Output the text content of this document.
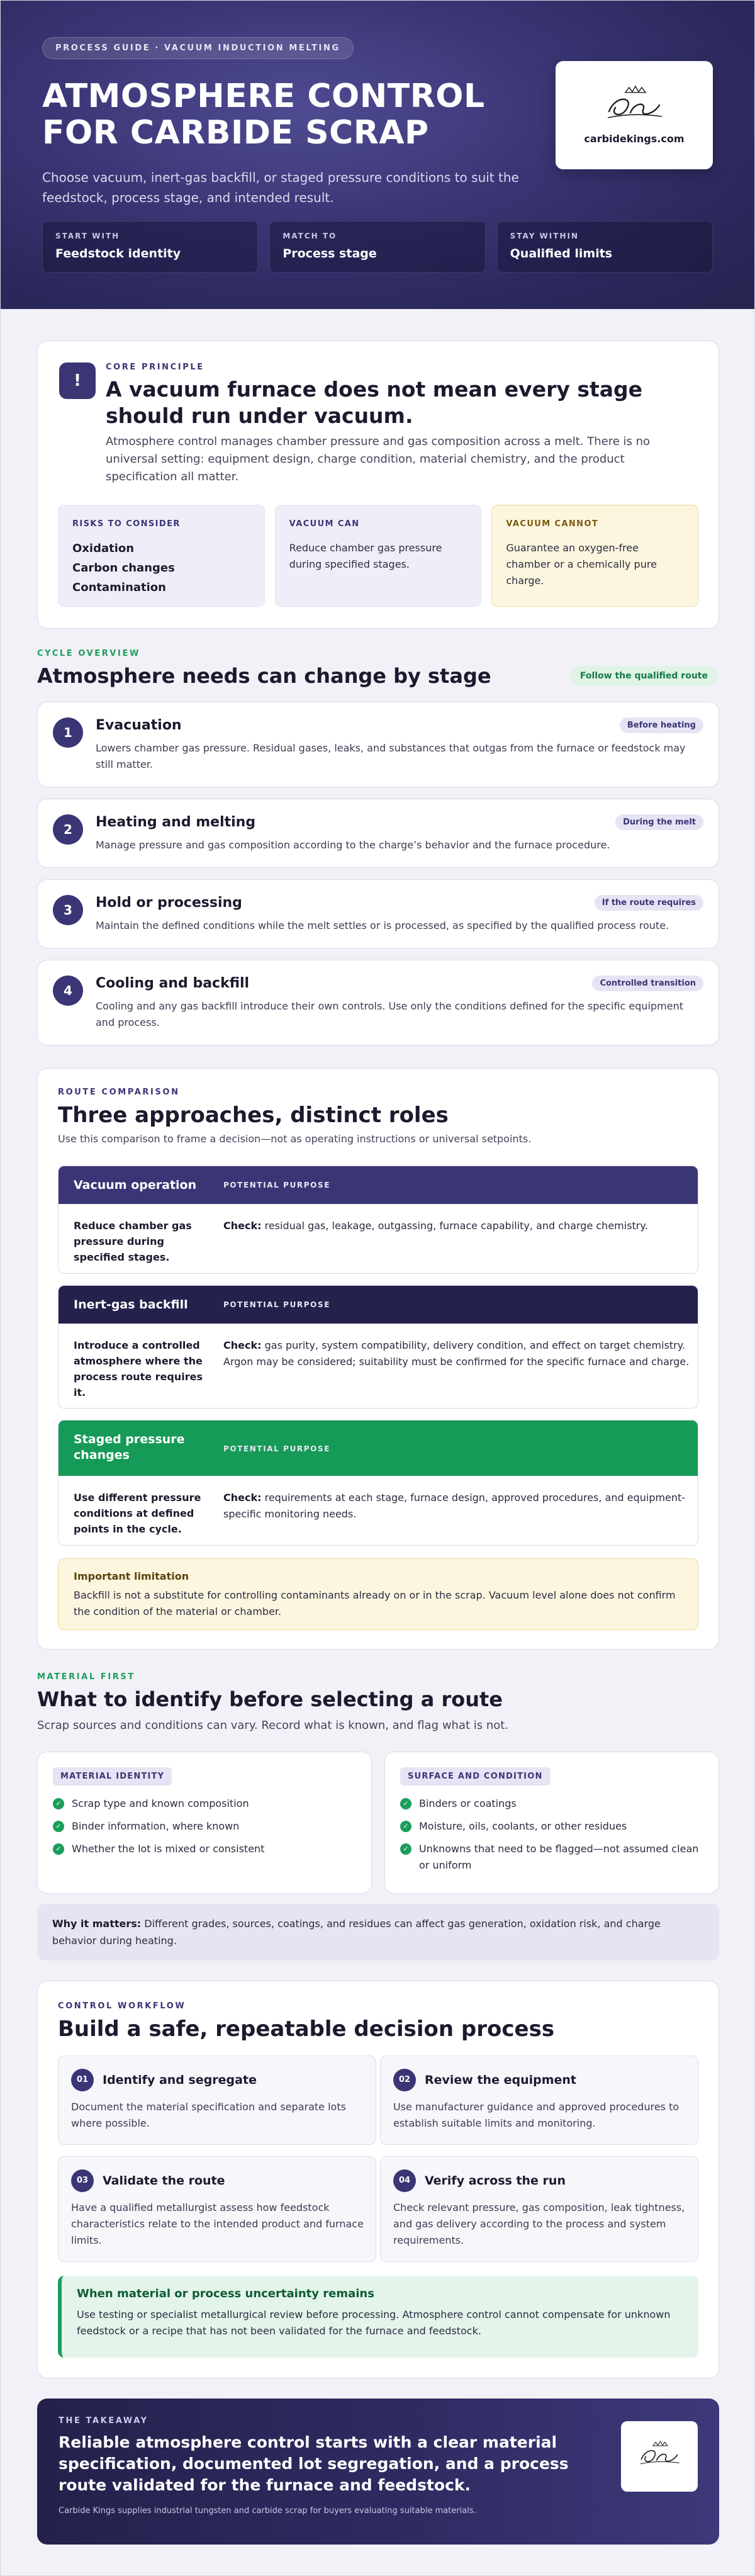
PROCESS GUIDE · VACUUM INDUCTION MELTING
ATMOSPHERE CONTROL FOR CARBIDE SCRAP

Choose vacuum, inert-gas backfill, or staged pressure conditions to suit the feedstock, process stage, and intended result.

carbidekings.com
START WITH
Feedstock identity
MATCH TO
Process stage
STAY WITHIN
Qualified limits
!
CORE PRINCIPLE
A vacuum furnace does not mean every stage should run under vacuum.

Atmosphere control manages chamber pressure and gas composition across a melt. There is no universal setting: equipment design, charge condition, material chemistry, and the product specification all matter.

RISKS TO CONSIDER
Oxidation
Carbon changes
Contamination
VACUUM CAN
Reduce chamber gas pressure during specified stages.
VACUUM CANNOT
Guarantee an oxygen-free chamber or a chemically pure charge.
CYCLE OVERVIEW
Atmosphere needs can change by stage	Follow the qualified route
1	Evacuation	Before heating
Lowers chamber gas pressure. Residual gases, leaks, and substances that outgas from the furnace or feedstock may still matter.
2	Heating and melting	During the melt
Manage pressure and gas composition according to the charge’s behavior and the furnace procedure.
3	Hold or processing	If the route requires
Maintain the defined conditions while the melt settles or is processed, as specified by the qualified process route.
4	Cooling and backfill	Controlled transition
Cooling and any gas backfill introduce their own controls. Use only the conditions defined for the specific equipment and process.
ROUTE COMPARISON
Three approaches, distinct roles
Use this comparison to frame a decision—not as operating instructions or universal setpoints.
Vacuum operation	POTENTIAL PURPOSE
Reduce chamber gas pressure during specified stages.
Check: residual gas, leakage, outgassing, furnace capability, and charge chemistry.
Inert-gas backfill	POTENTIAL PURPOSE
Introduce a controlled atmosphere where the process route requires it.
Check: gas purity, system compatibility, delivery condition, and effect on target chemistry. Argon may be considered; suitability must be confirmed for the specific furnace and charge.
Staged pressure changes	POTENTIAL PURPOSE
Use different pressure conditions at defined points in the cycle.
Check: requirements at each stage, furnace design, approved procedures, and equipment-specific monitoring needs.
Important limitation
Backfill is not a substitute for controlling contaminants already on or in the scrap. Vacuum level alone does not confirm the condition of the material or chamber.
MATERIAL FIRST
What to identify before selecting a route
Scrap sources and conditions can vary. Record what is known, and flag what is not.
MATERIAL IDENTITY
✓ Scrap type and known composition
✓ Binder information, where known
✓ Whether the lot is mixed or consistent
SURFACE AND CONDITION
✓ Binders or coatings
✓ Moisture, oils, coolants, or other residues
✓ Unknowns that need to be flagged—not assumed clean or uniform
Why it matters: Different grades, sources, coatings, and residues can affect gas generation, oxidation risk, and charge behavior during heating.
CONTROL WORKFLOW
Build a safe, repeatable decision process
01	Identify and segregate
Document the material specification and separate lots where possible.
02	Review the equipment
Use manufacturer guidance and approved procedures to establish suitable limits and monitoring.
03	Validate the route
Have a qualified metallurgist assess how feedstock characteristics relate to the intended product and furnace limits.
04	Verify across the run
Check relevant pressure, gas composition, leak tightness, and gas delivery according to the process and system requirements.
When material or process uncertainty remains
Use testing or specialist metallurgical review before processing. Atmosphere control cannot compensate for unknown feedstock or a recipe that has not been validated for the furnace and feedstock.
THE TAKEAWAY
Reliable atmosphere control starts with a clear material specification, documented lot segregation, and a process route validated for the furnace and feedstock.
Carbide Kings supplies industrial tungsten and carbide scrap for buyers evaluating suitable materials.
